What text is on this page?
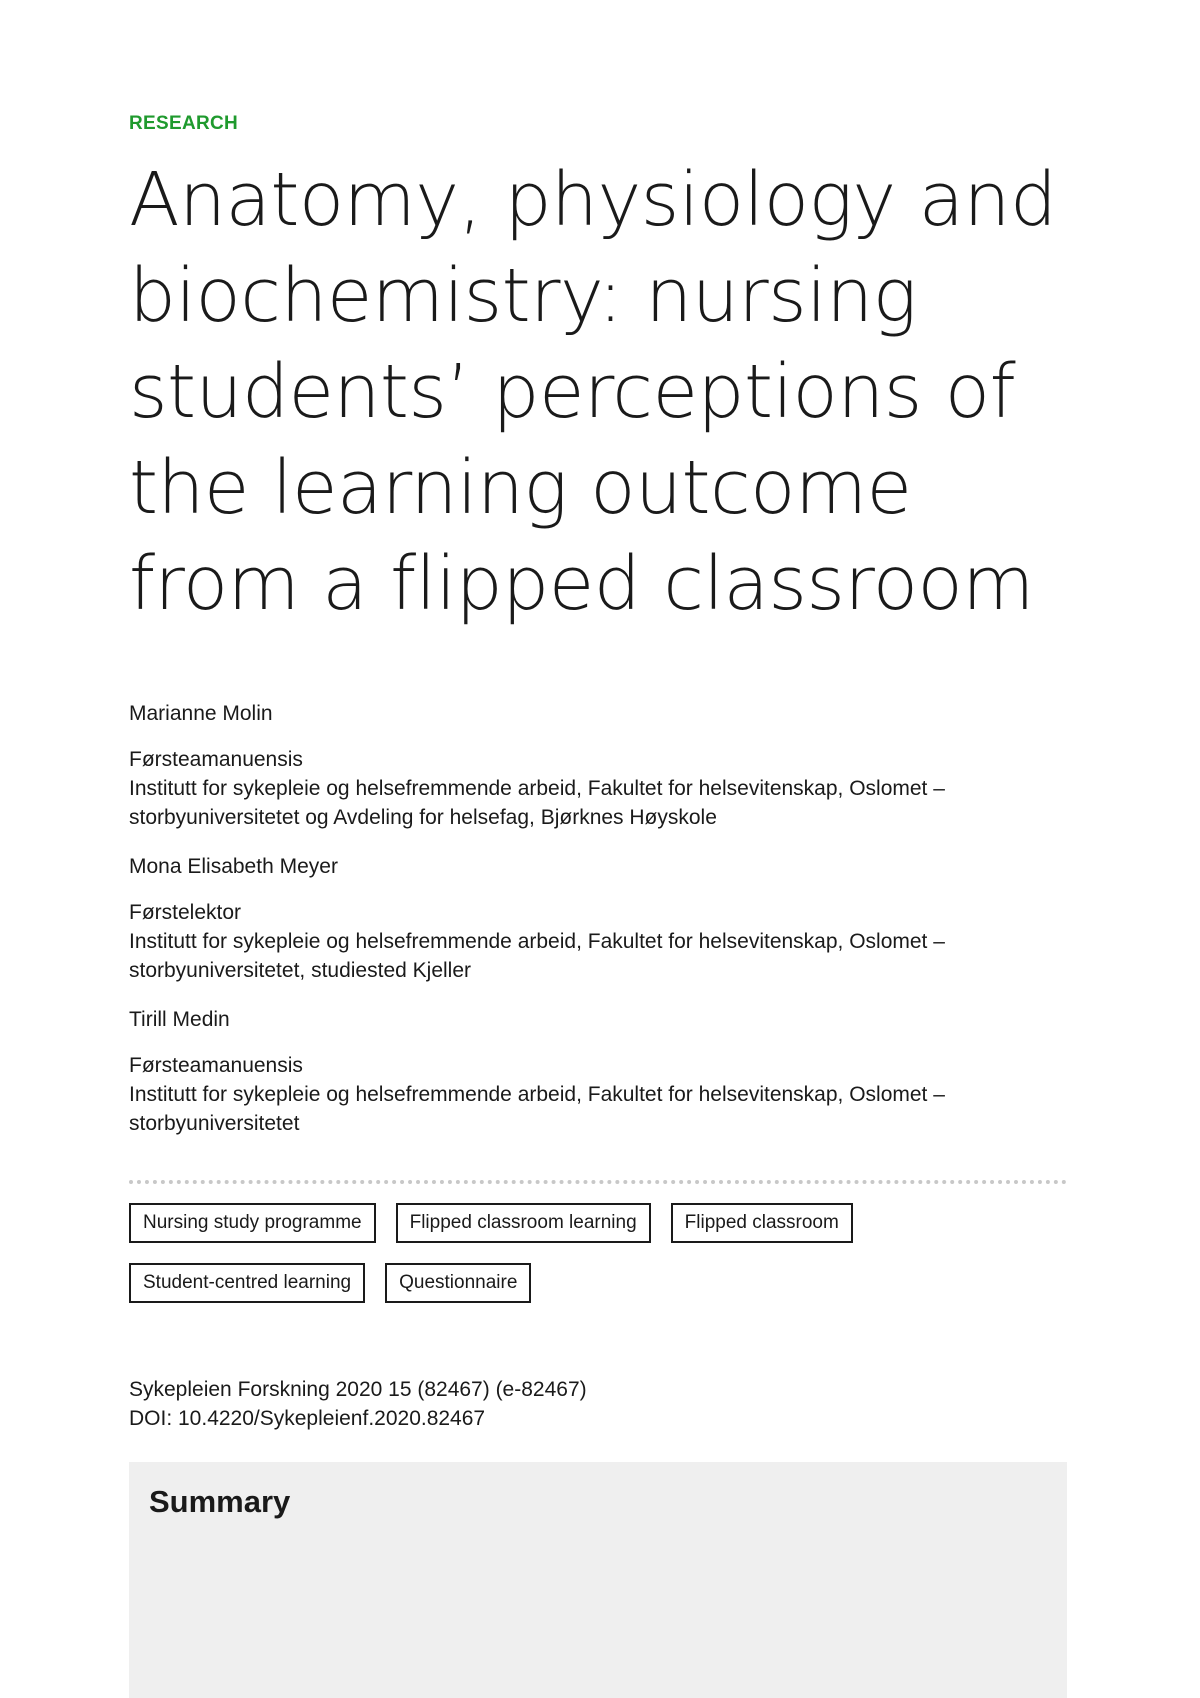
RESEARCH
Anatomy, physiology and biochemistry: nursing students’ perceptions of the learning outcome from a flipped classroom
Marianne Molin
Førsteamanuensis
Institutt for sykepleie og helsefremmende arbeid, Fakultet for helsevitenskap, Oslomet – storbyuniversitetet og Avdeling for helsefag, Bjørknes Høyskole
Mona Elisabeth Meyer
Førstelektor
Institutt for sykepleie og helsefremmende arbeid, Fakultet for helsevitenskap, Oslomet – storbyuniversitetet, studiested Kjeller
Tirill Medin
Førsteamanuensis
Institutt for sykepleie og helsefremmende arbeid, Fakultet for helsevitenskap, Oslomet – storbyuniversitetet
Nursing study programme	Flipped classroom learning	Flipped classroom
Student-centred learning	Questionnaire
Sykepleien Forskning 2020 15 (82467) (e-82467)
DOI: 10.4220/Sykepleienf.2020.82467
Summary
